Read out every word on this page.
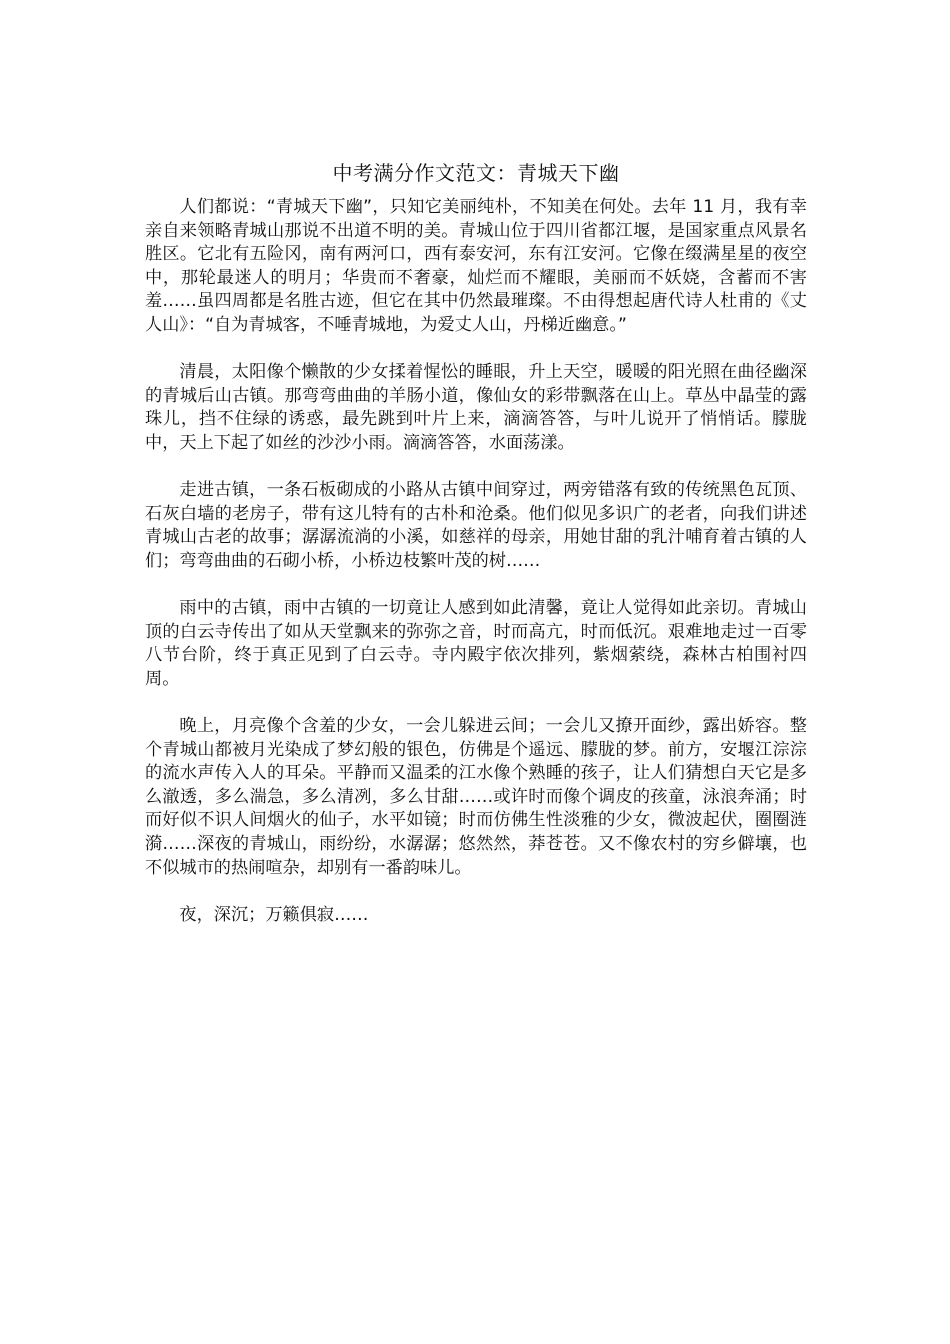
中考满分作文范文：青城天下幽

人们都说：“青城天下幽”，只知它美丽纯朴，不知美在何处。去年 11 月，我有幸亲自来领略青城山那说不出道不明的美。青城山位于四川省都江堰，是国家重点风景名胜区。它北有五险冈，南有两河口，西有泰安河，东有江安河。它像在缀满星星的夜空中，那轮最迷人的明月；华贵而不奢豪，灿烂而不耀眼，美丽而不妖娆，含蓄而不害羞……虽四周都是名胜古迹，但它在其中仍然最璀璨。不由得想起唐代诗人杜甫的《丈人山》：“自为青城客，不唾青城地，为爱丈人山，丹梯近幽意。”

清晨，太阳像个懒散的少女揉着惺忪的睡眼，升上天空，暖暖的阳光照在曲径幽深的青城后山古镇。那弯弯曲曲的羊肠小道，像仙女的彩带飘落在山上。草丛中晶莹的露珠儿，挡不住绿的诱惑，最先跳到叶片上来，滴滴答答，与叶儿说开了悄悄话。朦胧中，天上下起了如丝的沙沙小雨。滴滴答答，水面荡漾。

走进古镇，一条石板砌成的小路从古镇中间穿过，两旁错落有致的传统黑色瓦顶、石灰白墙的老房子，带有这儿特有的古朴和沧桑。他们似见多识广的老者，向我们讲述青城山古老的故事；潺潺流淌的小溪，如慈祥的母亲，用她甘甜的乳汁哺育着古镇的人们；弯弯曲曲的石砌小桥，小桥边枝繁叶茂的树……

雨中的古镇，雨中古镇的一切竟让人感到如此清馨，竟让人觉得如此亲切。青城山顶的白云寺传出了如从天堂飘来的弥弥之音，时而高亢，时而低沉。艰难地走过一百零八节台阶，终于真正见到了白云寺。寺内殿宇依次排列，紫烟萦绕，森林古柏围衬四周。

晚上，月亮像个含羞的少女，一会儿躲进云间；一会儿又撩开面纱，露出娇容。整个青城山都被月光染成了梦幻般的银色，仿佛是个遥远、朦胧的梦。前方，安堰江淙淙的流水声传入人的耳朵。平静而又温柔的江水像个熟睡的孩子，让人们猜想白天它是多么澈透，多么湍急，多么清冽，多么甘甜……或许时而像个调皮的孩童，泳浪奔涌；时而好似不识人间烟火的仙子，水平如镜；时而仿佛生性淡雅的少女，微波起伏，圈圈涟漪……深夜的青城山，雨纷纷，水潺潺；悠然然，莽苍苍。又不像农村的穷乡僻壤，也不似城市的热闹喧杂，却别有一番韵味儿。

夜，深沉；万籁俱寂……
